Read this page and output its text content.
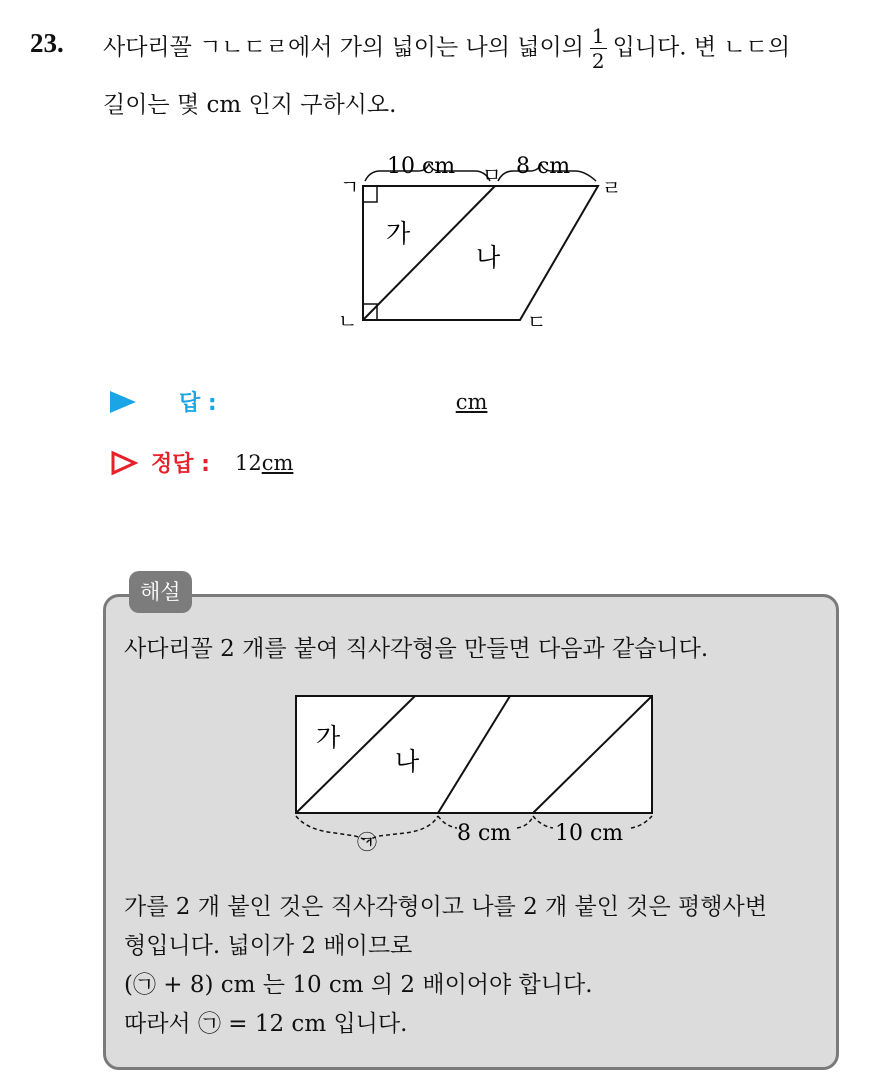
23. 사다리꼴 ㄱㄴㄷㄹ에서 가의 넓이는 나의 넓이의 $\frac{1}{2}$ 입니다. 변 ㄴㄷ의
길이는 몇 cm 인지 구하시오.
10 cm	8 cm
ㄱ
ㄴ	ㄷ
ㄹ
ㅁ
가
나
답 :	cm
정답 : 12cm
해설
사다리꼴 2 개를 붙여 직사각형을 만들면 다음과 같습니다.
가
나
㉠	8 cm 10 cm
가를 2 개 붙인 것은 직사각형이고 나를 2 개 붙인 것은 평행사변
형입니다. 넓이가 2 배이므로
(㉠ + 8) cm 는 10 cm 의 2 배이어야 합니다.
따라서 ㉠ = 12 cm 입니다.
